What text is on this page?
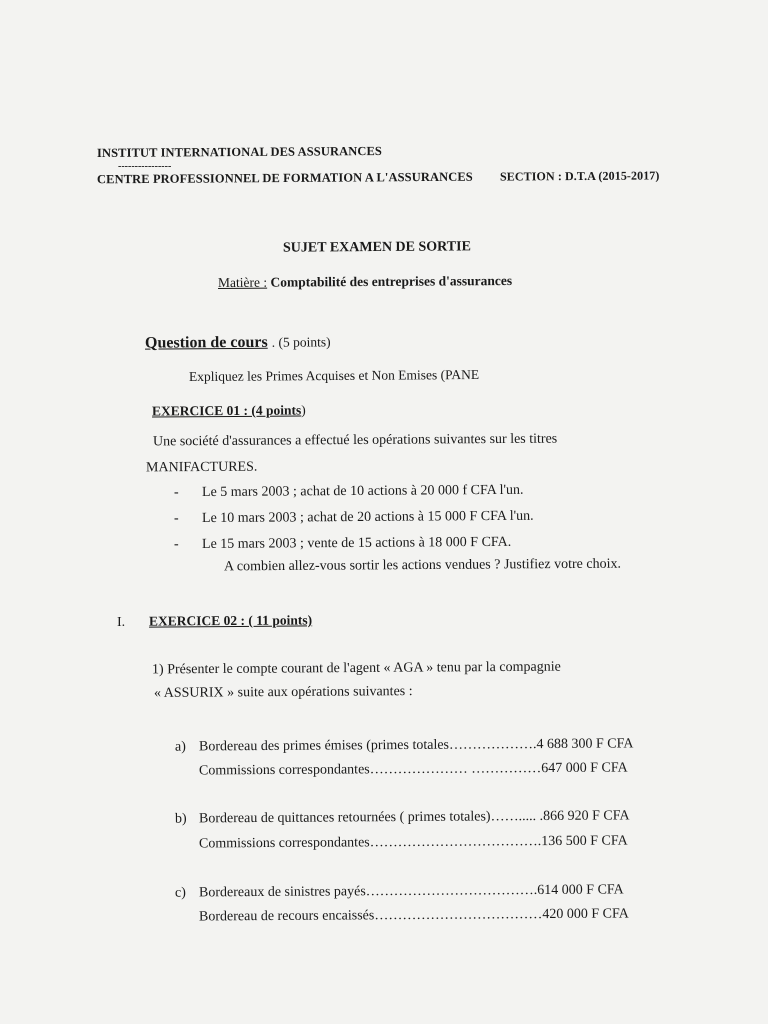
INSTITUT INTERNATIONAL DES ASSURANCES
----------------
CENTRE PROFESSIONNEL DE FORMATION A L'ASSURANCES SECTION : D.T.A (2015-2017)
SUJET EXAMEN DE SORTIE
Matière : Comptabilité des entreprises d'assurances
Question de cours . (5 points)
Expliquez les Primes Acquises et Non Emises (PANE
EXERCICE 01 : (4 points)
Une société d'assurances a effectué les opérations suivantes sur les titres
MANIFACTURES.
- Le 5 mars 2003 ; achat de 10 actions à 20 000 f CFA l'un.
- Le 10 mars 2003 ; achat de 20 actions à 15 000 F CFA l'un.
- Le 15 mars 2003 ; vente de 15 actions à 18 000 F CFA.
A combien allez-vous sortir les actions vendues ? Justifiez votre choix.
I. EXERCICE 02 : ( 11 points)
1) Présenter le compte courant de l'agent « AGA » tenu par la compagnie
« ASSURIX » suite aux opérations suivantes :
a) Bordereau des primes émises (primes totales……………….4 688 300 F CFA
Commissions correspondantes………………… ……………647 000 F CFA
b) Bordereau de quittances retournées ( primes totales)……..... .866 920 F CFA
Commissions correspondantes……………………………….136 500 F CFA
c) Bordereaux de sinistres payés……………………………….614 000 F CFA
Bordereau de recours encaissés………………………………420 000 F CFA
